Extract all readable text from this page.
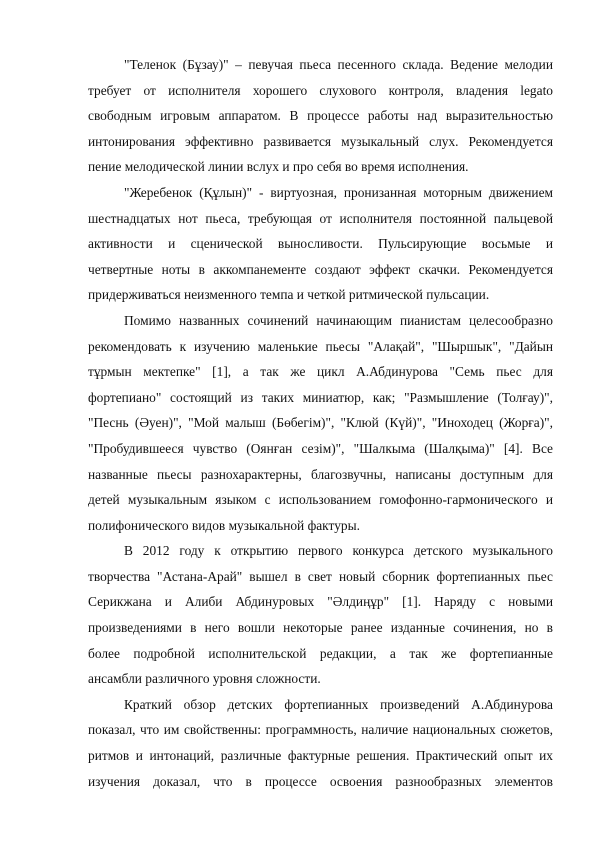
"Теленок (Бұзау)" – певучая пьеса песенного склада. Ведение мелодии
требует от исполнителя хорошего слухового контроля, владения legato
свободным игровым аппаратом. В процессе работы над выразительностью
интонирования эффективно развивается музыкальный слух. Рекомендуется
пение мелодической линии вслух и про себя во время исполнения.
"Жеребенок (Құлын)" - виртуозная, пронизанная моторным движением
шестнадцатых нот пьеса, требующая от исполнителя постоянной пальцевой
активности и сценической выносливости. Пульсирующие восьмые и
четвертные ноты в аккомпанементе создают эффект скачки. Рекомендуется
придерживаться неизменного темпа и четкой ритмической пульсации.
Помимо названных сочинений начинающим пианистам целесообразно
рекомендовать к изучению маленькие пьесы "Алақай", "Шыршык", "Дайын
тұрмын мектепке" [1], а так же цикл А.Абдинурова "Семь пьес для
фортепиано" состоящий из таких миниатюр, как; "Размышление (Толғау)",
"Песнь (Әуен)", "Мой малыш (Бөбегім)", "Клюй (Күй)", "Иноходец (Жорға)",
"Пробудившееся чувство (Оянған сезім)", "Шалкыма (Шалқыма)" [4]. Все
названные пьесы разнохарактерны, благозвучны, написаны доступным для
детей музыкальным языком с использованием гомофонно-гармонического и
полифонического видов музыкальной фактуры.
В 2012 году к открытию первого конкурса детского музыкального
творчества "Астана-Арай" вышел в свет новый сборник фортепианных пьес
Серикжана и Алиби Абдинуровых "Әлдиңұр" [1]. Наряду с новыми
произведениями в него вошли некоторые ранее изданные сочинения, но в
более подробной исполнительской редакции, а так же фортепианные
ансамбли различного уровня сложности.
Краткий обзор детских фортепианных произведений А.Абдинурова
показал, что им свойственны: программность, наличие национальных сюжетов,
ритмов и интонаций, различные фактурные решения. Практический опыт их
изучения доказал, что в процессе освоения разнообразных элементов
